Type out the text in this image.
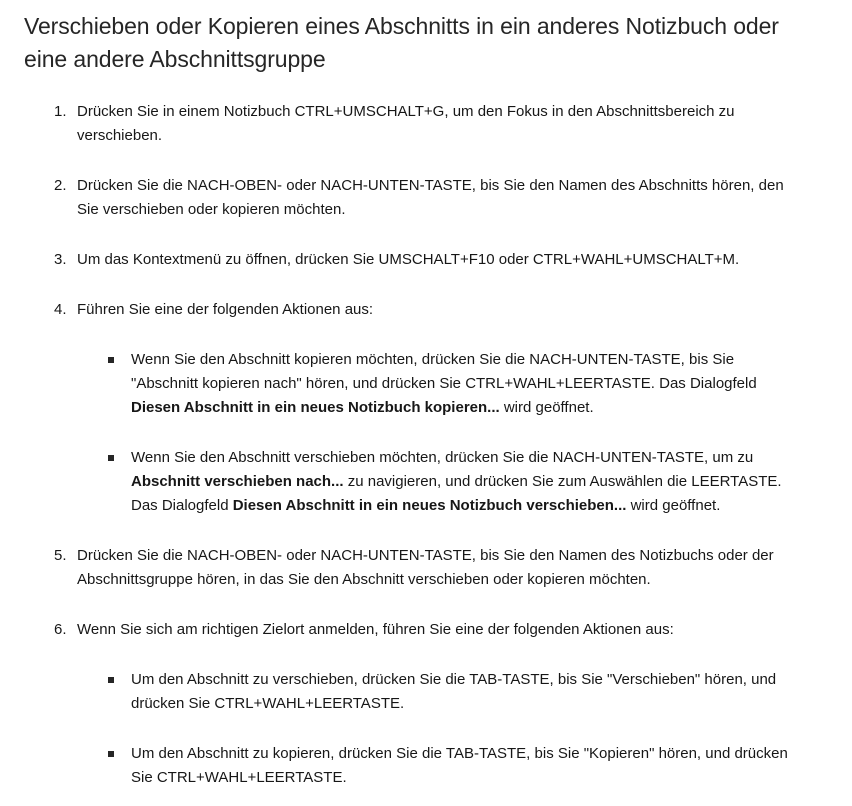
Verschieben oder Kopieren eines Abschnitts in ein anderes Notizbuch oder eine andere Abschnittsgruppe
1. Drücken Sie in einem Notizbuch CTRL+UMSCHALT+G, um den Fokus in den Abschnittsbereich zu verschieben.
2. Drücken Sie die NACH-OBEN- oder NACH-UNTEN-TASTE, bis Sie den Namen des Abschnitts hören, den Sie verschieben oder kopieren möchten.
3. Um das Kontextmenü zu öffnen, drücken Sie UMSCHALT+F10 oder CTRL+WAHL+UMSCHALT+M.
4. Führen Sie eine der folgenden Aktionen aus:
Wenn Sie den Abschnitt kopieren möchten, drücken Sie die NACH-UNTEN-TASTE, bis Sie "Abschnitt kopieren nach" hören, und drücken Sie CTRL+WAHL+LEERTASTE. Das Dialogfeld Diesen Abschnitt in ein neues Notizbuch kopieren... wird geöffnet.
Wenn Sie den Abschnitt verschieben möchten, drücken Sie die NACH-UNTEN-TASTE, um zu Abschnitt verschieben nach... zu navigieren, und drücken Sie zum Auswählen die LEERTASTE. Das Dialogfeld Diesen Abschnitt in ein neues Notizbuch verschieben... wird geöffnet.
5. Drücken Sie die NACH-OBEN- oder NACH-UNTEN-TASTE, bis Sie den Namen des Notizbuchs oder der Abschnittsgruppe hören, in das Sie den Abschnitt verschieben oder kopieren möchten.
6. Wenn Sie sich am richtigen Zielort anmelden, führen Sie eine der folgenden Aktionen aus:
Um den Abschnitt zu verschieben, drücken Sie die TAB-TASTE, bis Sie "Verschieben" hören, und drücken Sie CTRL+WAHL+LEERTASTE.
Um den Abschnitt zu kopieren, drücken Sie die TAB-TASTE, bis Sie "Kopieren" hören, und drücken Sie CTRL+WAHL+LEERTASTE.
